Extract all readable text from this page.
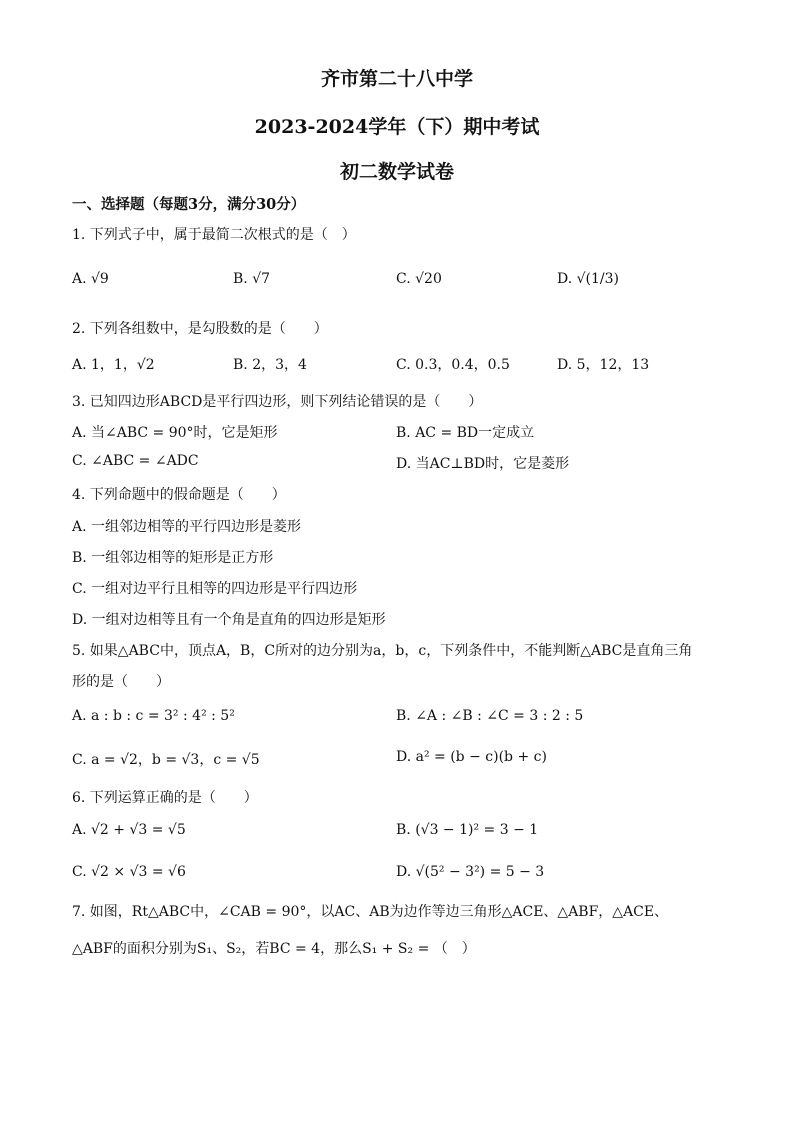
齐市第二十八中学
2023-2024学年（下）期中考试
初二数学试卷
一、选择题（每题3分，满分30分）
1. 下列式子中，属于最简二次根式的是（　）
A. √9	B. √7	C. √20	D. √(1/3)
2. 下列各组数中，是勾股数的是（　　）
A. 1，1，√2	B. 2，3，4	C. 0.3，0.4，0.5	D. 5，12，13
3. 已知四边形ABCD是平行四边形，则下列结论错误的是（　　）
A. 当∠ABC = 90°时，它是矩形	B. AC = BD一定成立
C. ∠ABC = ∠ADC	D. 当AC⊥BD时，它是菱形
4. 下列命题中的假命题是（　　）
A. 一组邻边相等的平行四边形是菱形
B. 一组邻边相等的矩形是正方形
C. 一组对边平行且相等的四边形是平行四边形
D. 一组对边相等且有一个角是直角的四边形是矩形
5. 如果△ABC中，顶点A，B，C所对的边分别为a，b，c，下列条件中，不能判断△ABC是直角三角
形的是（　　）
A. a : b : c = 3² : 4² : 5²	B. ∠A : ∠B : ∠C = 3 : 2 : 5
C. a = √2，b = √3，c = √5	D. a² = (b − c)(b + c)
6. 下列运算正确的是（　　）
A. √2 + √3 = √5	B. (√3 − 1)² = 3 − 1
C. √2 × √3 = √6	D. √(5² − 3²) = 5 − 3
7. 如图，Rt△ABC中，∠CAB = 90°，以AC、AB为边作等边三角形△ACE、△ABF，△ACE、
△ABF的面积分别为S₁、S₂，若BC = 4，那么S₁ + S₂ = （　）
